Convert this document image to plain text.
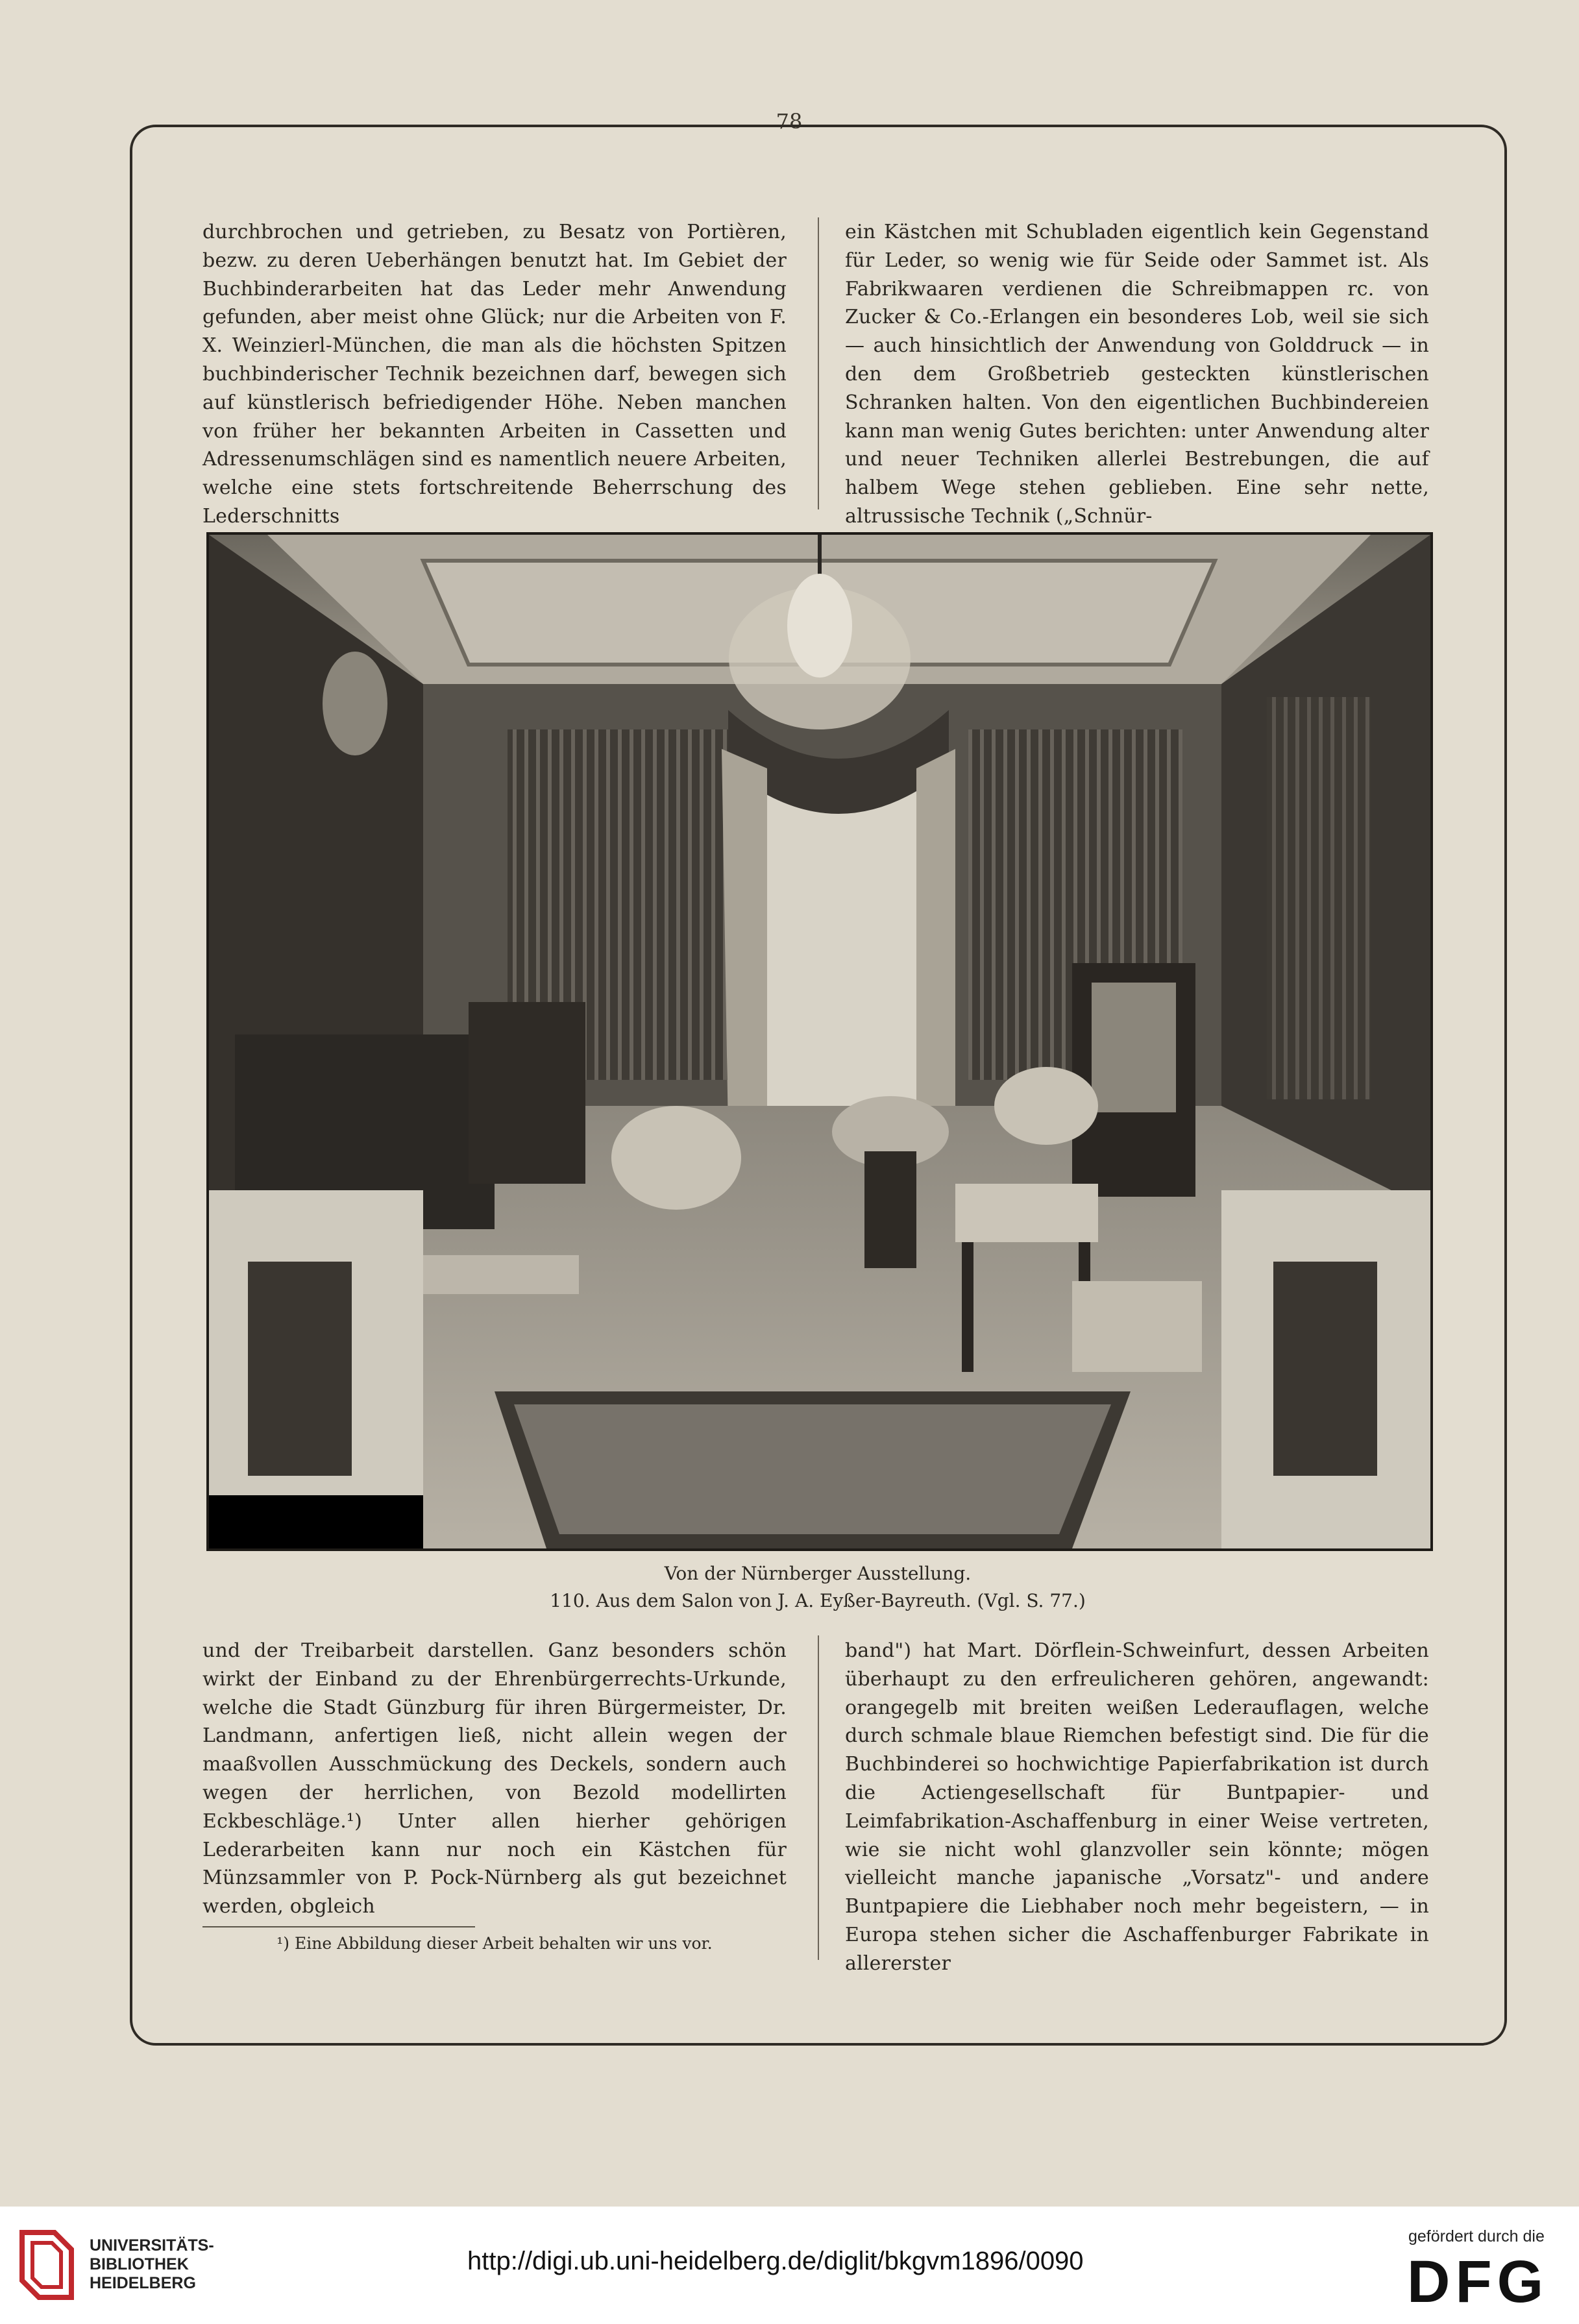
78

durchbrochen und getrieben, zu Besatz von Portièren, bezw. zu deren Ueberhängen benutzt hat. Im Gebiet der Buchbinderarbeiten hat das Leder mehr Anwendung gefunden, aber meist ohne Glück; nur die Arbeiten von F. X. Weinzierl-München, die man als die höchsten Spitzen buchbinderischer Technik bezeichnen darf, bewegen sich auf künstlerisch befriedigender Höhe. Neben manchen von früher her bekannten Arbeiten in Cassetten und Adressenumschlägen sind es namentlich neuere Arbeiten, welche eine stets fortschreitende Beherrschung des Lederschnitts

ein Kästchen mit Schubladen eigentlich kein Gegenstand für Leder, so wenig wie für Seide oder Sammet ist. Als Fabrikwaaren verdienen die Schreibmappen rc. von Zucker & Co.-Erlangen ein besonderes Lob, weil sie sich — auch hinsichtlich der Anwendung von Golddruck — in den dem Großbetrieb gesteckten künstlerischen Schranken halten. Von den eigentlichen Buchbindereien kann man wenig Gutes berichten: unter Anwendung alter und neuer Techniken allerlei Bestrebungen, die auf halbem Wege stehen geblieben. Eine sehr nette, altrussische Technik („Schnür-

Von der Nürnberger Ausstellung.
110. Aus dem Salon von J. A. Eyßer-Bayreuth. (Vgl. S. 77.)

und der Treibarbeit darstellen. Ganz besonders schön wirkt der Einband zu der Ehrenbürgerrechts-Urkunde, welche die Stadt Günzburg für ihren Bürgermeister, Dr. Landmann, anfertigen ließ, nicht allein wegen der maaßvollen Ausschmückung des Deckels, sondern auch wegen der herrlichen, von Bezold modellirten Eckbeschläge.¹) Unter allen hierher gehörigen Lederarbeiten kann nur noch ein Kästchen für Münzsammler von P. Pock-Nürnberg als gut bezeichnet werden, obgleich

band") hat Mart. Dörflein-Schweinfurt, dessen Arbeiten überhaupt zu den erfreulicheren gehören, angewandt: orangegelb mit breiten weißen Lederauflagen, welche durch schmale blaue Riemchen befestigt sind. Die für die Buchbinderei so hochwichtige Papierfabrikation ist durch die Actiengesellschaft für Buntpapier- und Leimfabrikation-Aschaffenburg in einer Weise vertreten, wie sie nicht wohl glanzvoller sein könnte; mögen vielleicht manche japanische „Vorsatz"- und andere Buntpapiere die Liebhaber noch mehr begeistern, — in Europa stehen sicher die Aschaffenburger Fabrikate in allererster

¹) Eine Abbildung dieser Arbeit behalten wir uns vor.
UNIVERSITÄTS-
BIBLIOTHEK
HEIDELBERG
http://digi.ub.uni-heidelberg.de/diglit/bkgvm1896/0090
gefördert durch die
DFG
